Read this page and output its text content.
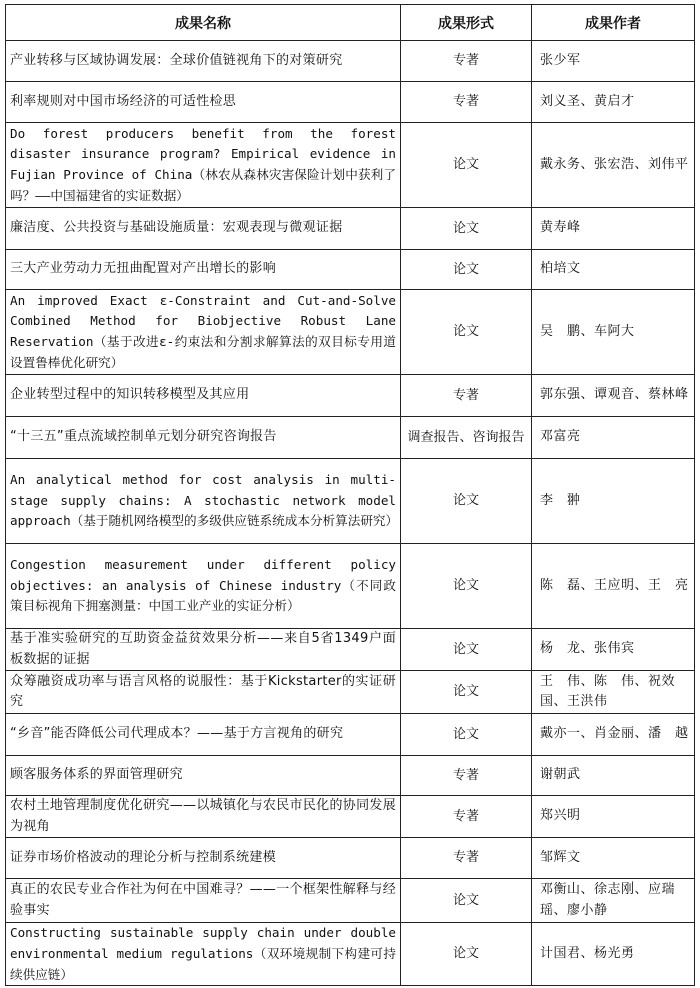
成果名称	成果形式	成果作者
产业转移与区域协调发展：全球价值链视角下的对策研究	专著	张少军
利率规则对中国市场经济的可适性检思	专著	刘义圣、黄启才
Do forest producers benefit from the forest disaster insurance program? Empirical evidence in Fujian Province of China（林农从森林灾害保险计划中获利了吗？——中国福建省的实证数据）	论文	戴永务、张宏浩、刘伟平
廉洁度、公共投资与基础设施质量：宏观表现与微观证据	论文	黄寿峰
三大产业劳动力无扭曲配置对产出增长的影响	论文	柏培文
An improved Exact ε-Constraint and Cut-and-Solve Combined Method for Biobjective Robust Lane Reservation（基于改进ε-约束法和分割求解算法的双目标专用道设置鲁棒优化研究）	论文	吴　鹏、车阿大
企业转型过程中的知识转移模型及其应用	专著	郭东强、谭观音、蔡林峰
“十三五”重点流域控制单元划分研究咨询报告	调查报告、咨询报告	邓富亮
An analytical method for cost analysis in multi-stage supply chains: A stochastic network model approach（基于随机网络模型的多级供应链系统成本分析算法研究）	论文	李　翀
Congestion measurement under different policy objectives: an analysis of Chinese industry（不同政策目标视角下拥塞测量：中国工业产业的实证分析）	论文	陈　磊、王应明、王　亮
基于准实验研究的互助资金益贫效果分析——来自5省1349户面板数据的证据	论文	杨　龙、张伟宾
众筹融资成功率与语言风格的说服性：基于Kickstarter的实证研究	论文	王　伟、陈　伟、祝效国、王洪伟
“乡音”能否降低公司代理成本？——基于方言视角的研究	论文	戴亦一、肖金丽、潘　越
顾客服务体系的界面管理研究	专著	谢朝武
农村土地管理制度优化研究——以城镇化与农民市民化的协同发展为视角	专著	郑兴明
证券市场价格波动的理论分析与控制系统建模	专著	邹辉文
真正的农民专业合作社为何在中国难寻？——一个框架性解释与经验事实	论文	邓衡山、徐志刚、应瑞瑶、廖小静
Constructing sustainable supply chain under double environmental medium regulations（双环境规制下构建可持续供应链）	论文	计国君、杨光勇
